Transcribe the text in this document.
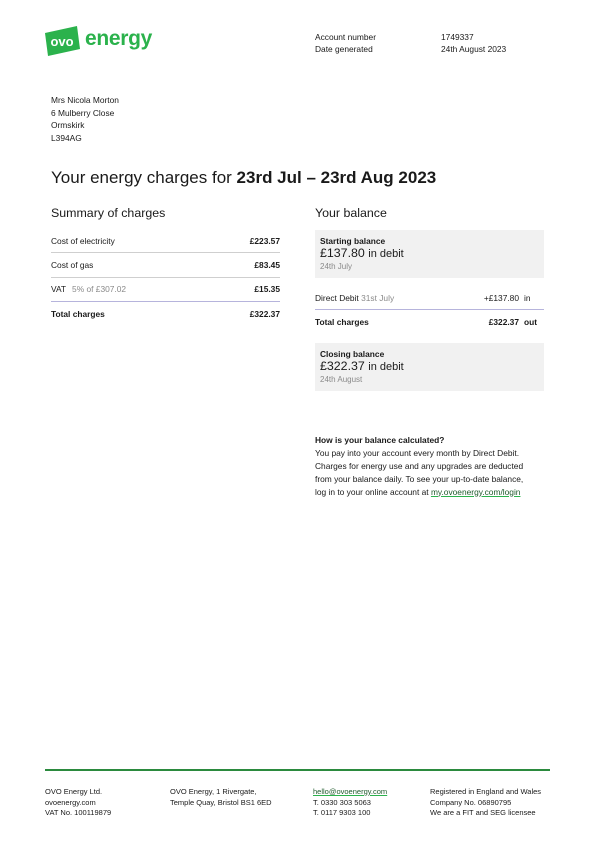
ovo energy	Account number	1749337
Date generated	24th August 2023
Mrs Nicola Morton
6 Mulberry Close
Ormskirk
L394AG
Your energy charges for 23rd Jul – 23rd Aug 2023
Summary of charges
Cost of electricity	£223.57
Cost of gas	£83.45
VAT 5% of £307.02	£15.35
Total charges	£322.37
Your balance
Starting balance
£137.80 in debit
24th July
Direct Debit 31st July	+£137.80 in
Total charges	£322.37 out
Closing balance
£322.37 in debit
24th August
How is your balance calculated?
You pay into your account every month by Direct Debit.
Charges for energy use and any upgrades are deducted
from your balance daily. To see your up-to-date balance,
log in to your online account at my.ovoenergy.com/login
OVO Energy Ltd.
ovoenergy.com
VAT No. 100119879
OVO Energy, 1 Rivergate,
Temple Quay, Bristol BS1 6ED
hello@ovoenergy.com
T. 0330 303 5063
T. 0117 9303 100
Registered in England and Wales
Company No. 06890795
We are a FIT and SEG licensee
